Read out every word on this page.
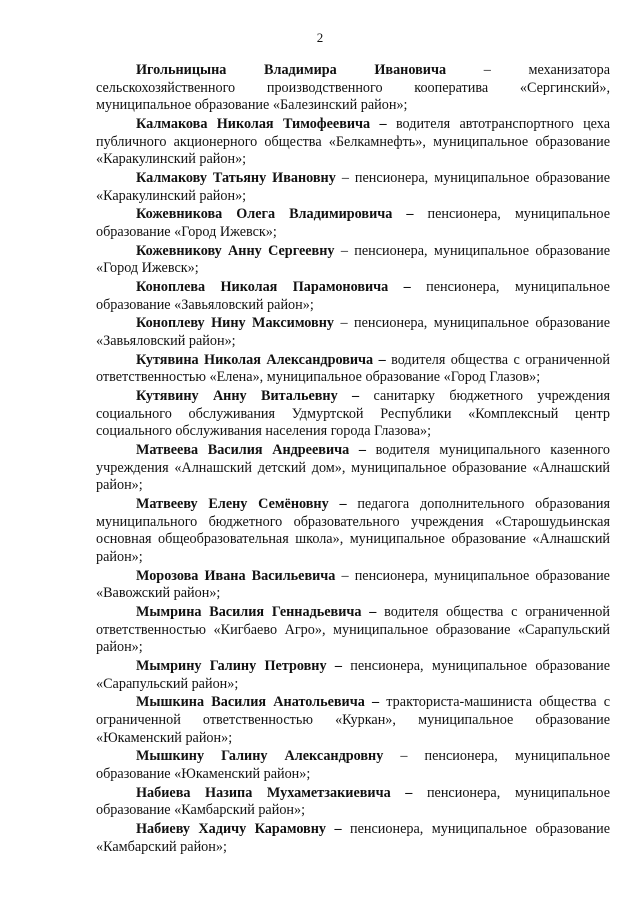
2

Игольницына Владимира Ивановича – механизатора сельскохозяйственного производственного кооператива «Сергинский», муниципальное образование «Балезинский район»;

Калмакова Николая Тимофеевича – водителя автотранспортного цеха публичного акционерного общества «Белкамнефть», муниципальное образование «Каракулинский район»;

Калмакову Татьяну Ивановну – пенсионера, муниципальное образование «Каракулинский район»;

Кожевникова Олега Владимировича – пенсионера, муниципальное образование «Город Ижевск»;

Кожевникову Анну Сергеевну – пенсионера, муниципальное образование «Город Ижевск»;

Коноплева Николая Парамоновича – пенсионера, муниципальное образование «Завьяловский район»;

Коноплеву Нину Максимовну – пенсионера, муниципальное образование «Завьяловский район»;

Кутявина Николая Александровича – водителя общества с ограниченной ответственностью «Елена», муниципальное образование «Город Глазов»;

Кутявину Анну Витальевну – санитарку бюджетного учреждения социального обслуживания Удмуртской Республики «Комплексный центр социального обслуживания населения города Глазова»;

Матвеева Василия Андреевича – водителя муниципального казенного учреждения «Алнашский детский дом», муниципальное образование «Алнашский район»;

Матвееву Елену Семёновну – педагога дополнительного образования муниципального бюджетного образовательного учреждения «Старошудьинская основная общеобразовательная школа», муниципальное образование «Алнашский район»;

Морозова Ивана Васильевича – пенсионера, муниципальное образование «Вавожский район»;

Мымрина Василия Геннадьевича – водителя общества с ограниченной ответственностью «Кигбаево Агро», муниципальное образование «Сарапульский район»;

Мымрину Галину Петровну – пенсионера, муниципальное образование «Сарапульский район»;

Мышкина Василия Анатольевича – тракториста-машиниста общества с ограниченной ответственностью «Куркан», муниципальное образование «Юкаменский район»;

Мышкину Галину Александровну – пенсионера, муниципальное образование «Юкаменский район»;

Набиева Назипа Мухаметзакиевича – пенсионера, муниципальное образование «Камбарский район»;

Набиеву Хадичу Карамовну – пенсионера, муниципальное образование «Камбарский район»;
